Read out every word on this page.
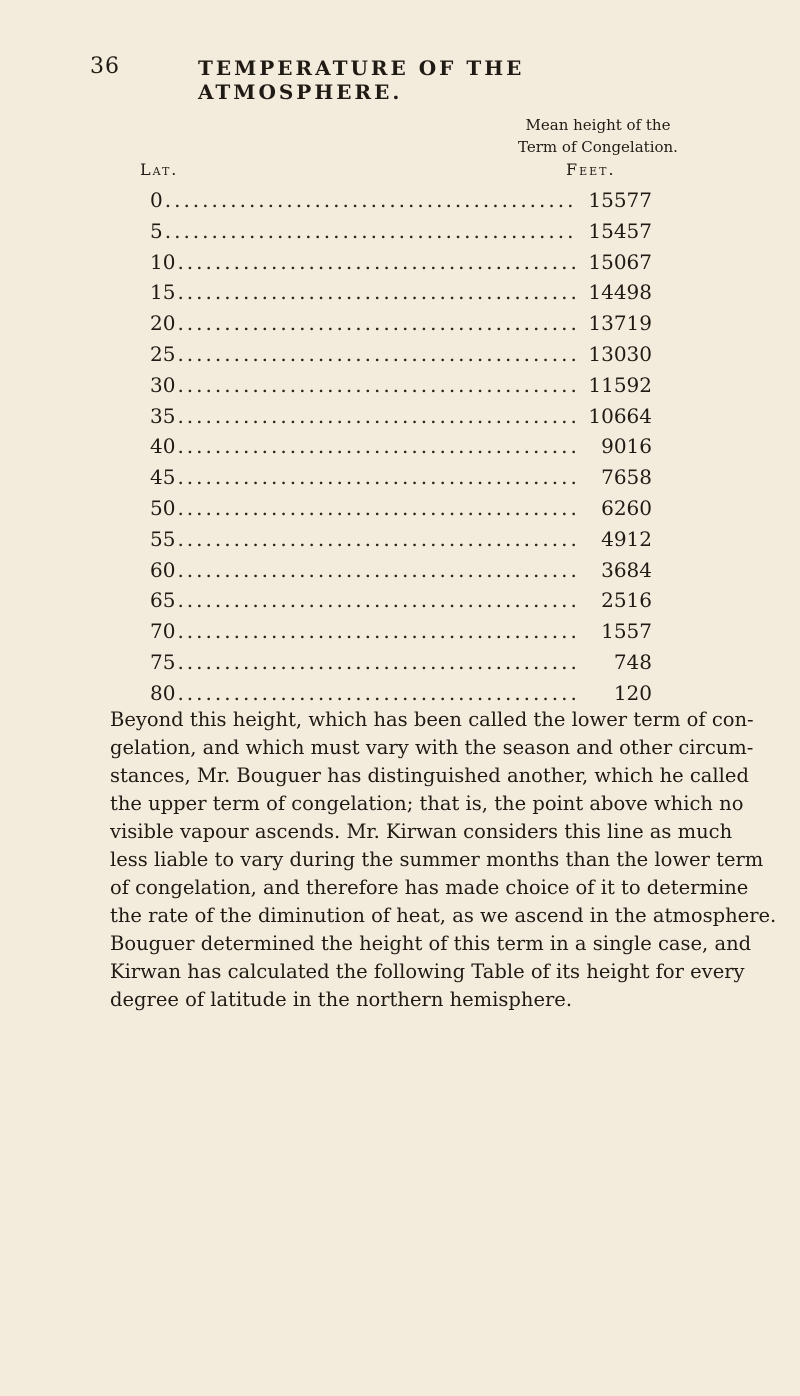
36	TEMPERATURE OF THE ATMOSPHERE.
Mean height of the
Term of Congelation.
Lat.	Feet.
0 .....	15577
5 .....	15457
10 .....	15067
15 .....	14498
20 .....	13719
25 .....	13030
30 .....	11592
35 .....	10664
40 .....	9016
45 .....	7658
50 .....	6260
55 .....	4912
60 .....	3684
65 .....	2516
70 .....	1557
75 .....	748
80 .....	120
Beyond this height, which has been called the lower term of con-
gelation, and which must vary with the season and other circum-
stances, Mr. Bouguer has distinguished another, which he called
the upper term of congelation; that is, the point above which no
visible vapour ascends. Mr. Kirwan considers this line as much
less liable to vary during the summer months than the lower term
of congelation, and therefore has made choice of it to determine
the rate of the diminution of heat, as we ascend in the atmosphere.
Bouguer determined the height of this term in a single case, and
Kirwan has calculated the following Table of its height for every
degree of latitude in the northern hemisphere.
